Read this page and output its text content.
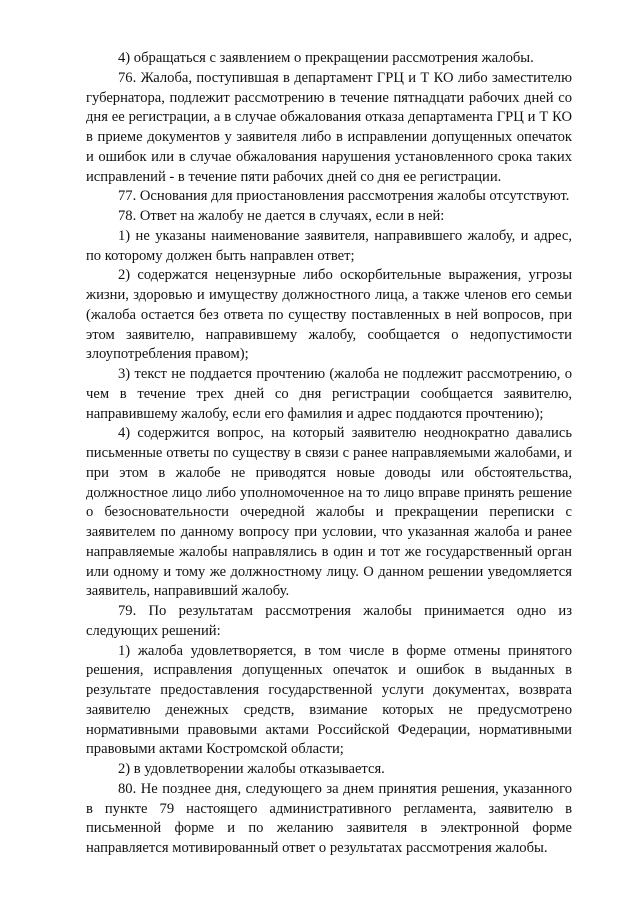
4) обращаться с заявлением о прекращении рассмотрения жалобы.

76. Жалоба, поступившая в департамент ГРЦ и Т КО либо заместителю губернатора, подлежит рассмотрению в течение пятнадцати рабочих дней со дня ее регистрации, а в случае обжалования отказа департамента ГРЦ и Т КО в приеме документов у заявителя либо в исправлении допущенных опечаток и ошибок или в случае обжалования нарушения установленного срока таких исправлений - в течение пяти рабочих дней со дня ее регистрации.

77. Основания для приостановления рассмотрения жалобы отсутствуют.

78. Ответ на жалобу не дается в случаях, если в ней:

1) не указаны наименование заявителя, направившего жалобу, и адрес, по которому должен быть направлен ответ;

2) содержатся нецензурные либо оскорбительные выражения, угрозы жизни, здоровью и имуществу должностного лица, а также членов его семьи (жалоба остается без ответа по существу поставленных в ней вопросов, при этом заявителю, направившему жалобу, сообщается о недопустимости злоупотребления правом);

3) текст не поддается прочтению (жалоба не подлежит рассмотрению, о чем в течение трех дней со дня регистрации сообщается заявителю, направившему жалобу, если его фамилия и адрес поддаются прочтению);

4) содержится вопрос, на который заявителю неоднократно давались письменные ответы по существу в связи с ранее направляемыми жалобами, и при этом в жалобе не приводятся новые доводы или обстоятельства, должностное лицо либо уполномоченное на то лицо вправе принять решение о безосновательности очередной жалобы и прекращении переписки с заявителем по данному вопросу при условии, что указанная жалоба и ранее направляемые жалобы направлялись в один и тот же государственный орган или одному и тому же должностному лицу. О данном решении уведомляется заявитель, направивший жалобу.

79. По результатам рассмотрения жалобы принимается одно из следующих решений:

1) жалоба удовлетворяется, в том числе в форме отмены принятого решения, исправления допущенных опечаток и ошибок в выданных в результате предоставления государственной услуги документах, возврата заявителю денежных средств, взимание которых не предусмотрено нормативными правовыми актами Российской Федерации, нормативными правовыми актами Костромской области;

2) в удовлетворении жалобы отказывается.

80. Не позднее дня, следующего за днем принятия решения, указанного в пункте 79 настоящего административного регламента, заявителю в письменной форме и по желанию заявителя в электронной форме направляется мотивированный ответ о результатах рассмотрения жалобы.
